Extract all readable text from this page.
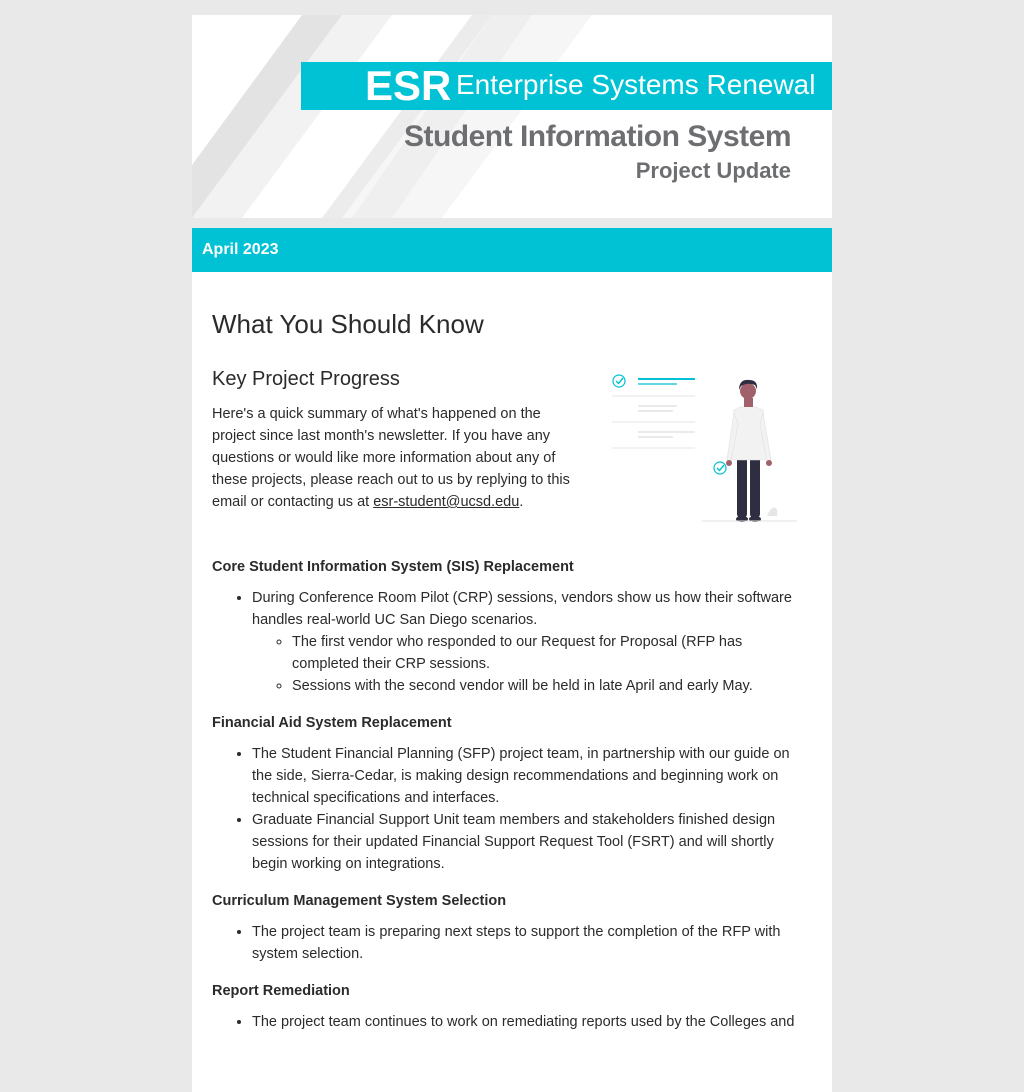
ESR Enterprise Systems Renewal
Student Information System
Project Update
April 2023
What You Should Know
Key Project Progress

Here's a quick summary of what's happened on the project since last month's newsletter. If you have any questions or would like more information about any of these projects, please reach out to us by replying to this email or contacting us at esr-student@ucsd.edu.

Core Student Information System (SIS) Replacement
• During Conference Room Pilot (CRP) sessions, vendors show us how their software handles real-world UC San Diego scenarios.
◦ The first vendor who responded to our Request for Proposal (RFP has completed their CRP sessions.
◦ Sessions with the second vendor will be held in late April and early May.
Financial Aid System Replacement
• The Student Financial Planning (SFP) project team, in partnership with our guide on the side, Sierra-Cedar, is making design recommendations and beginning work on technical specifications and interfaces.
• Graduate Financial Support Unit team members and stakeholders finished design sessions for their updated Financial Support Request Tool (FSRT) and will shortly begin working on integrations.
Curriculum Management System Selection
• The project team is preparing next steps to support the completion of the RFP with system selection.
Report Remediation
• The project team continues to work on remediating reports used by the Colleges and
